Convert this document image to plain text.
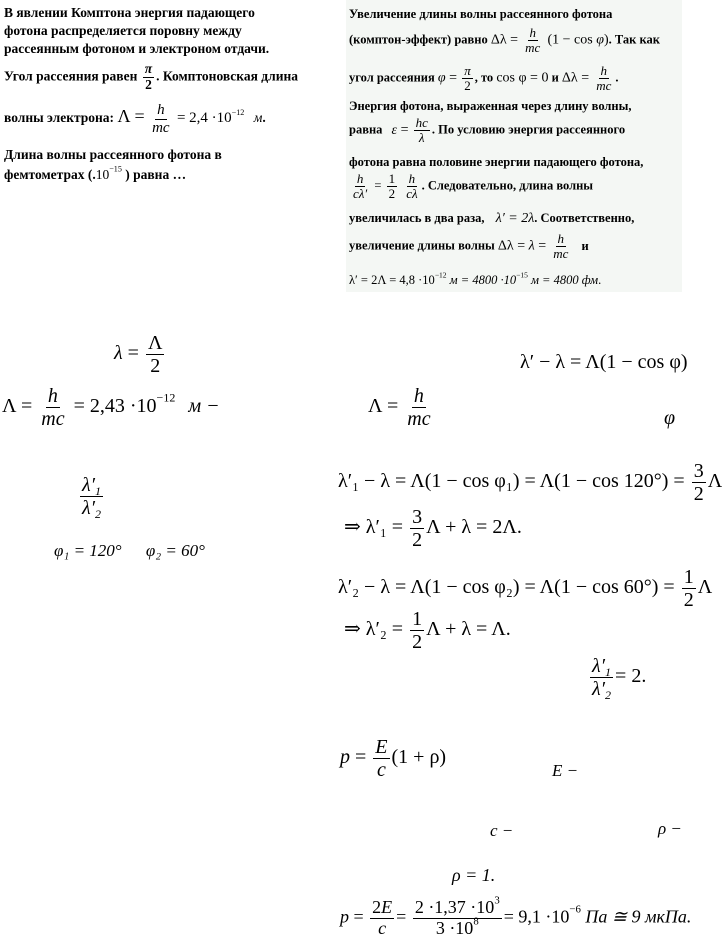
В явлении Комптона энергия падающего
фотона распределяется поровну между
рассеянным фотоном и электроном отдачи.
Угол рассеяния равен $\frac{\pi}{2}$ . Комптоновская длина
волны электрона: $\Lambda = \frac{h}{mc} = 2,4 \cdot 10^{-12}$ м.
Длина волны рассеянного фотона в
фемтометрах ($.10^{-15}$ ) равна …
Увеличение длины волны рассеянного фотона
(комптон-эффект) равно $\Delta\lambda = \frac{h}{mc} (1 - \cos \varphi)$. Так как
угол рассеяния $\varphi = \frac{\pi}{2}$ , то cos φ = 0 и $\Delta\lambda = \frac{h}{mc}$ .
Энергия фотона, выраженная через длину волны,
равна $\varepsilon = \frac{hc}{\lambda}$ . По условию энергия рассеянного
фотона равна половине энергии падающего фотона,
$\frac{h}{c\lambda'} = \frac{1}{2}$
$\frac{h}{c\lambda}$ . Следовательно, длина волны
увеличилась в два раза, λ′ = 2λ. Соответственно,
увеличение длины волны $\Delta\lambda = \lambda = \frac{h}{mc}$ и
$\lambda' = 2\Lambda = 4,8 \cdot 10^{-12}$ $м = 4800 \cdot 10^{-15}$ м = 4800 фм.
$\lambda = \frac{\Lambda}{2}$
$\Lambda = \frac{h}{mc} = 2,43 \cdot 10^{-12}$ м −
$\frac{\lambda'_1}{\lambda'_2}$
φ₁ = 120° φ₂ = 60°
λ′ − λ = Λ(1 − cos φ)
$\Lambda = \frac{h}{mc}$	φ
$\lambda'_1 - \lambda = \Lambda(1 - \cos \varphi_1) = \Lambda(1 - \cos 120^\circ) = \frac{3}{2}$ Λ
⇒ $\lambda'_1 = \frac{3}{2}$ Λ + λ = 2Λ.
$\lambda'_2 - \lambda = \Lambda(1 - \cos \varphi_2) = \Lambda(1 - \cos 60^\circ) = \frac{1}{2}$ Λ
⇒ $\lambda'_2 = \frac{1}{2}$ Λ + λ = Λ.
$\frac{\lambda'_1}{\lambda'_2} = 2$.
$p = \frac{E}{c} (1 + \rho)$
E −
c −	ρ −
ρ = 1.
$p = \frac{2E}{c} = \frac{2 \cdot 1,37 \cdot 10^3}{3 \cdot 10^8} = 9,1 \cdot 10^{-6}$ Па ≅ 9 мкПа.
